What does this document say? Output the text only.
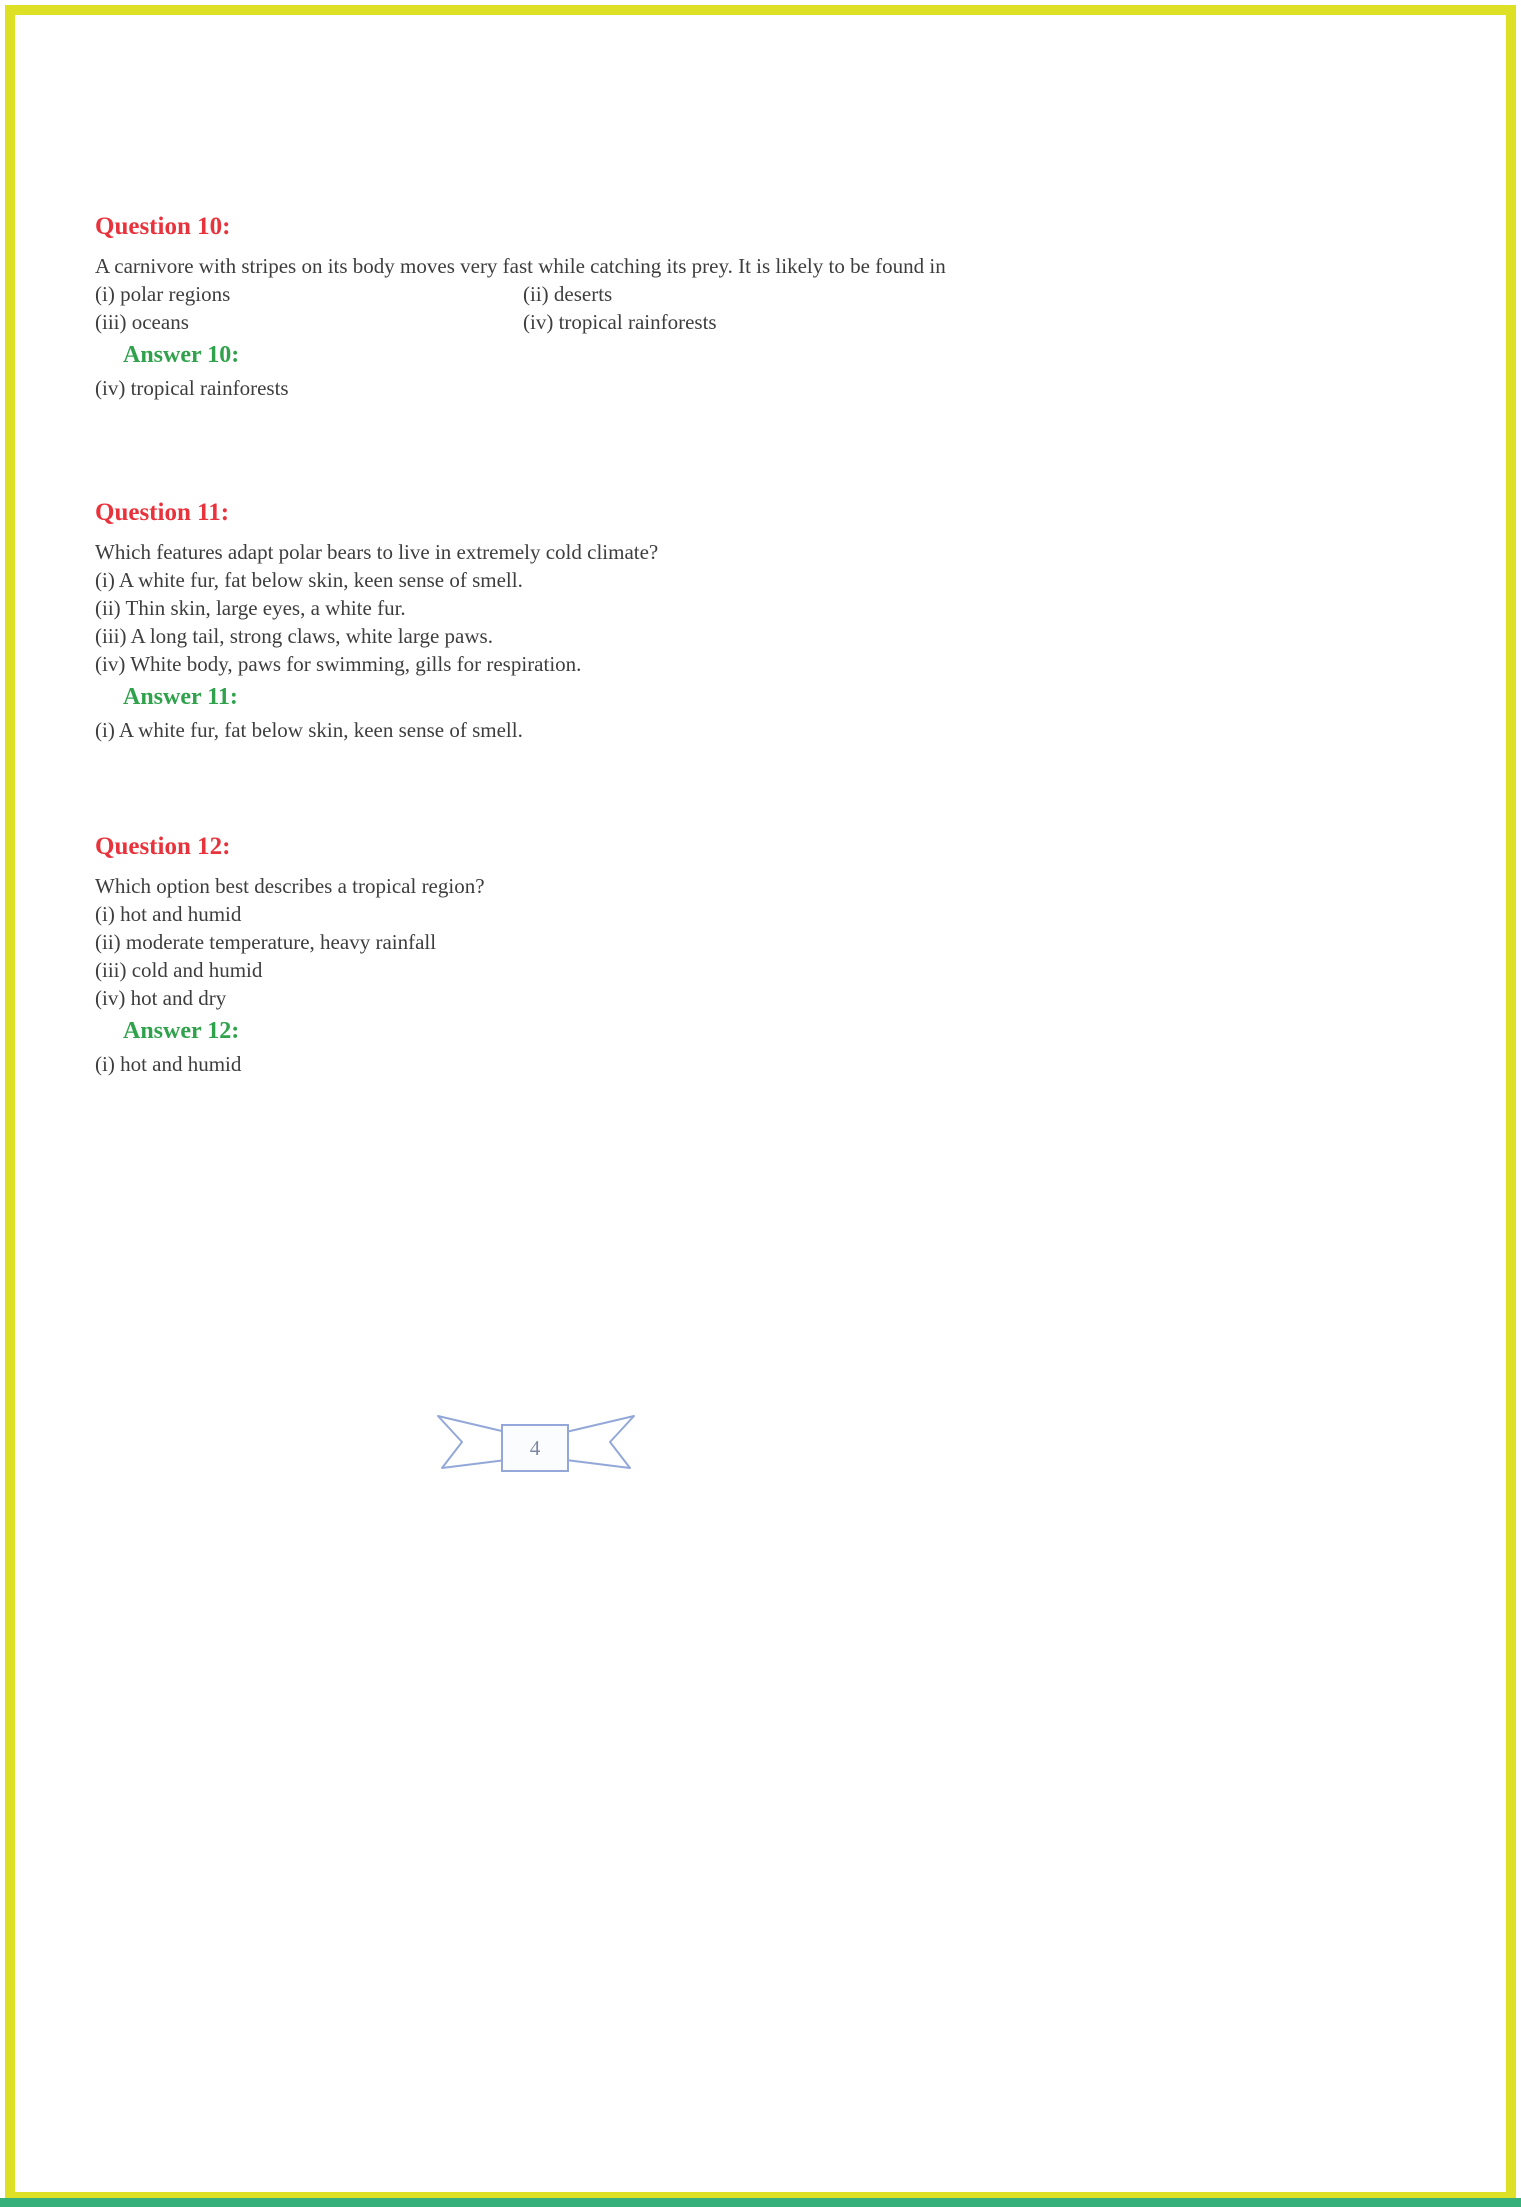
Question 10:

A carnivore with stripes on its body moves very fast while catching its prey. It is likely to be found in

(i) polar regions	(ii) deserts
(iii) oceans	(iv) tropical rainforests
Answer 10:

(iv) tropical rainforests

Question 11:

Which features adapt polar bears to live in extremely cold climate?

(i) A white fur, fat below skin, keen sense of smell.

(ii) Thin skin, large eyes, a white fur.

(iii) A long tail, strong claws, white large paws.

(iv) White body, paws for swimming, gills for respiration.

Answer 11:

(i) A white fur, fat below skin, keen sense of smell.

Question 12:

Which option best describes a tropical region?

(i) hot and humid

(ii) moderate temperature, heavy rainfall

(iii) cold and humid

(iv) hot and dry

Answer 12:

(i) hot and humid

4
